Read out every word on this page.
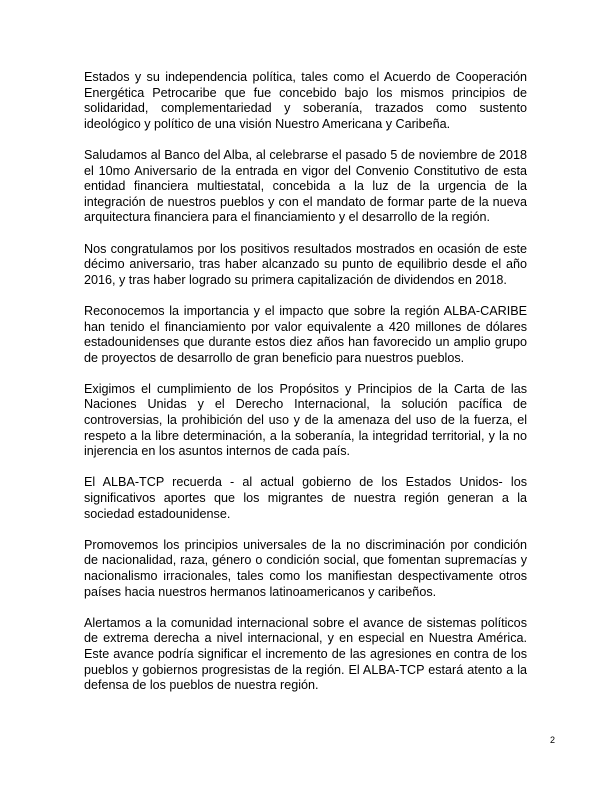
Estados y su independencia política, tales como el Acuerdo de Cooperación Energética Petrocaribe que fue concebido bajo los mismos principios de solidaridad, complementariedad y soberanía, trazados como sustento ideológico y político de una visión Nuestro Americana y Caribeña.

Saludamos al Banco del Alba, al celebrarse el pasado 5 de noviembre de 2018 el 10mo Aniversario de la entrada en vigor del Convenio Constitutivo de esta entidad financiera multiestatal, concebida a la luz de la urgencia de la integración de nuestros pueblos y con el mandato de formar parte de la nueva arquitectura financiera para el financiamiento y el desarrollo de la región.

Nos congratulamos por los positivos resultados mostrados en ocasión de este décimo aniversario, tras haber alcanzado su punto de equilibrio desde el año 2016, y tras haber logrado su primera capitalización de dividendos en 2018.

Reconocemos la importancia y el impacto que sobre la región ALBA-CARIBE han tenido el financiamiento por valor equivalente a 420 millones de dólares estadounidenses que durante estos diez años han favorecido un amplio grupo de proyectos de desarrollo de gran beneficio para nuestros pueblos.

Exigimos el cumplimiento de los Propósitos y Principios de la Carta de las Naciones Unidas y el Derecho Internacional, la solución pacífica de controversias, la prohibición del uso y de la amenaza del uso de la fuerza, el respeto a la libre determinación, a la soberanía, la integridad territorial, y la no injerencia en los asuntos internos de cada país.

El ALBA-TCP recuerda - al actual gobierno de los Estados Unidos- los significativos aportes que los migrantes de nuestra región generan a la sociedad estadounidense.

Promovemos los principios universales de la no discriminación por condición de nacionalidad, raza, género o condición social, que fomentan supremacías y nacionalismo irracionales, tales como los manifiestan despectivamente otros países hacia nuestros hermanos latinoamericanos y caribeños.

Alertamos a la comunidad internacional sobre el avance de sistemas políticos de extrema derecha a nivel internacional, y en especial en Nuestra América. Este avance podría significar el incremento de las agresiones en contra de los pueblos y gobiernos progresistas de la región. El ALBA-TCP estará atento a la defensa de los pueblos de nuestra región.

2
